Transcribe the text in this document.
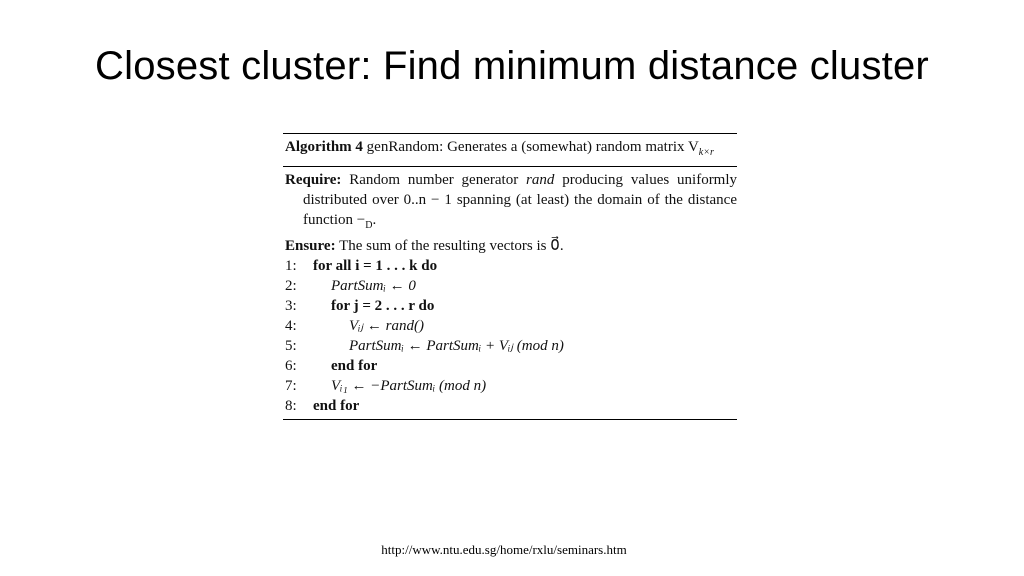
Closest cluster: Find minimum distance cluster
Algorithm 4 genRandom: Generates a (somewhat) random matrix $V_{k\times r}$
Require: Random number generator rand producing values uniformly distributed over 0..n − 1 spanning (at least) the domain of the distance function $-_D$.
Ensure: The sum of the resulting vectors is 0⃗.
1: for all i = 1 . . . k do
2: PartSumᵢ ← 0
3: for j = 2 . . . r do
4:	Vᵢⱼ ← rand()
5:	PartSumᵢ ← PartSumᵢ + Vᵢⱼ (mod n)
6: end for
7: Vᵢ₁ ← −PartSumᵢ (mod n)
8: end for
http://www.ntu.edu.sg/home/rxlu/seminars.htm
